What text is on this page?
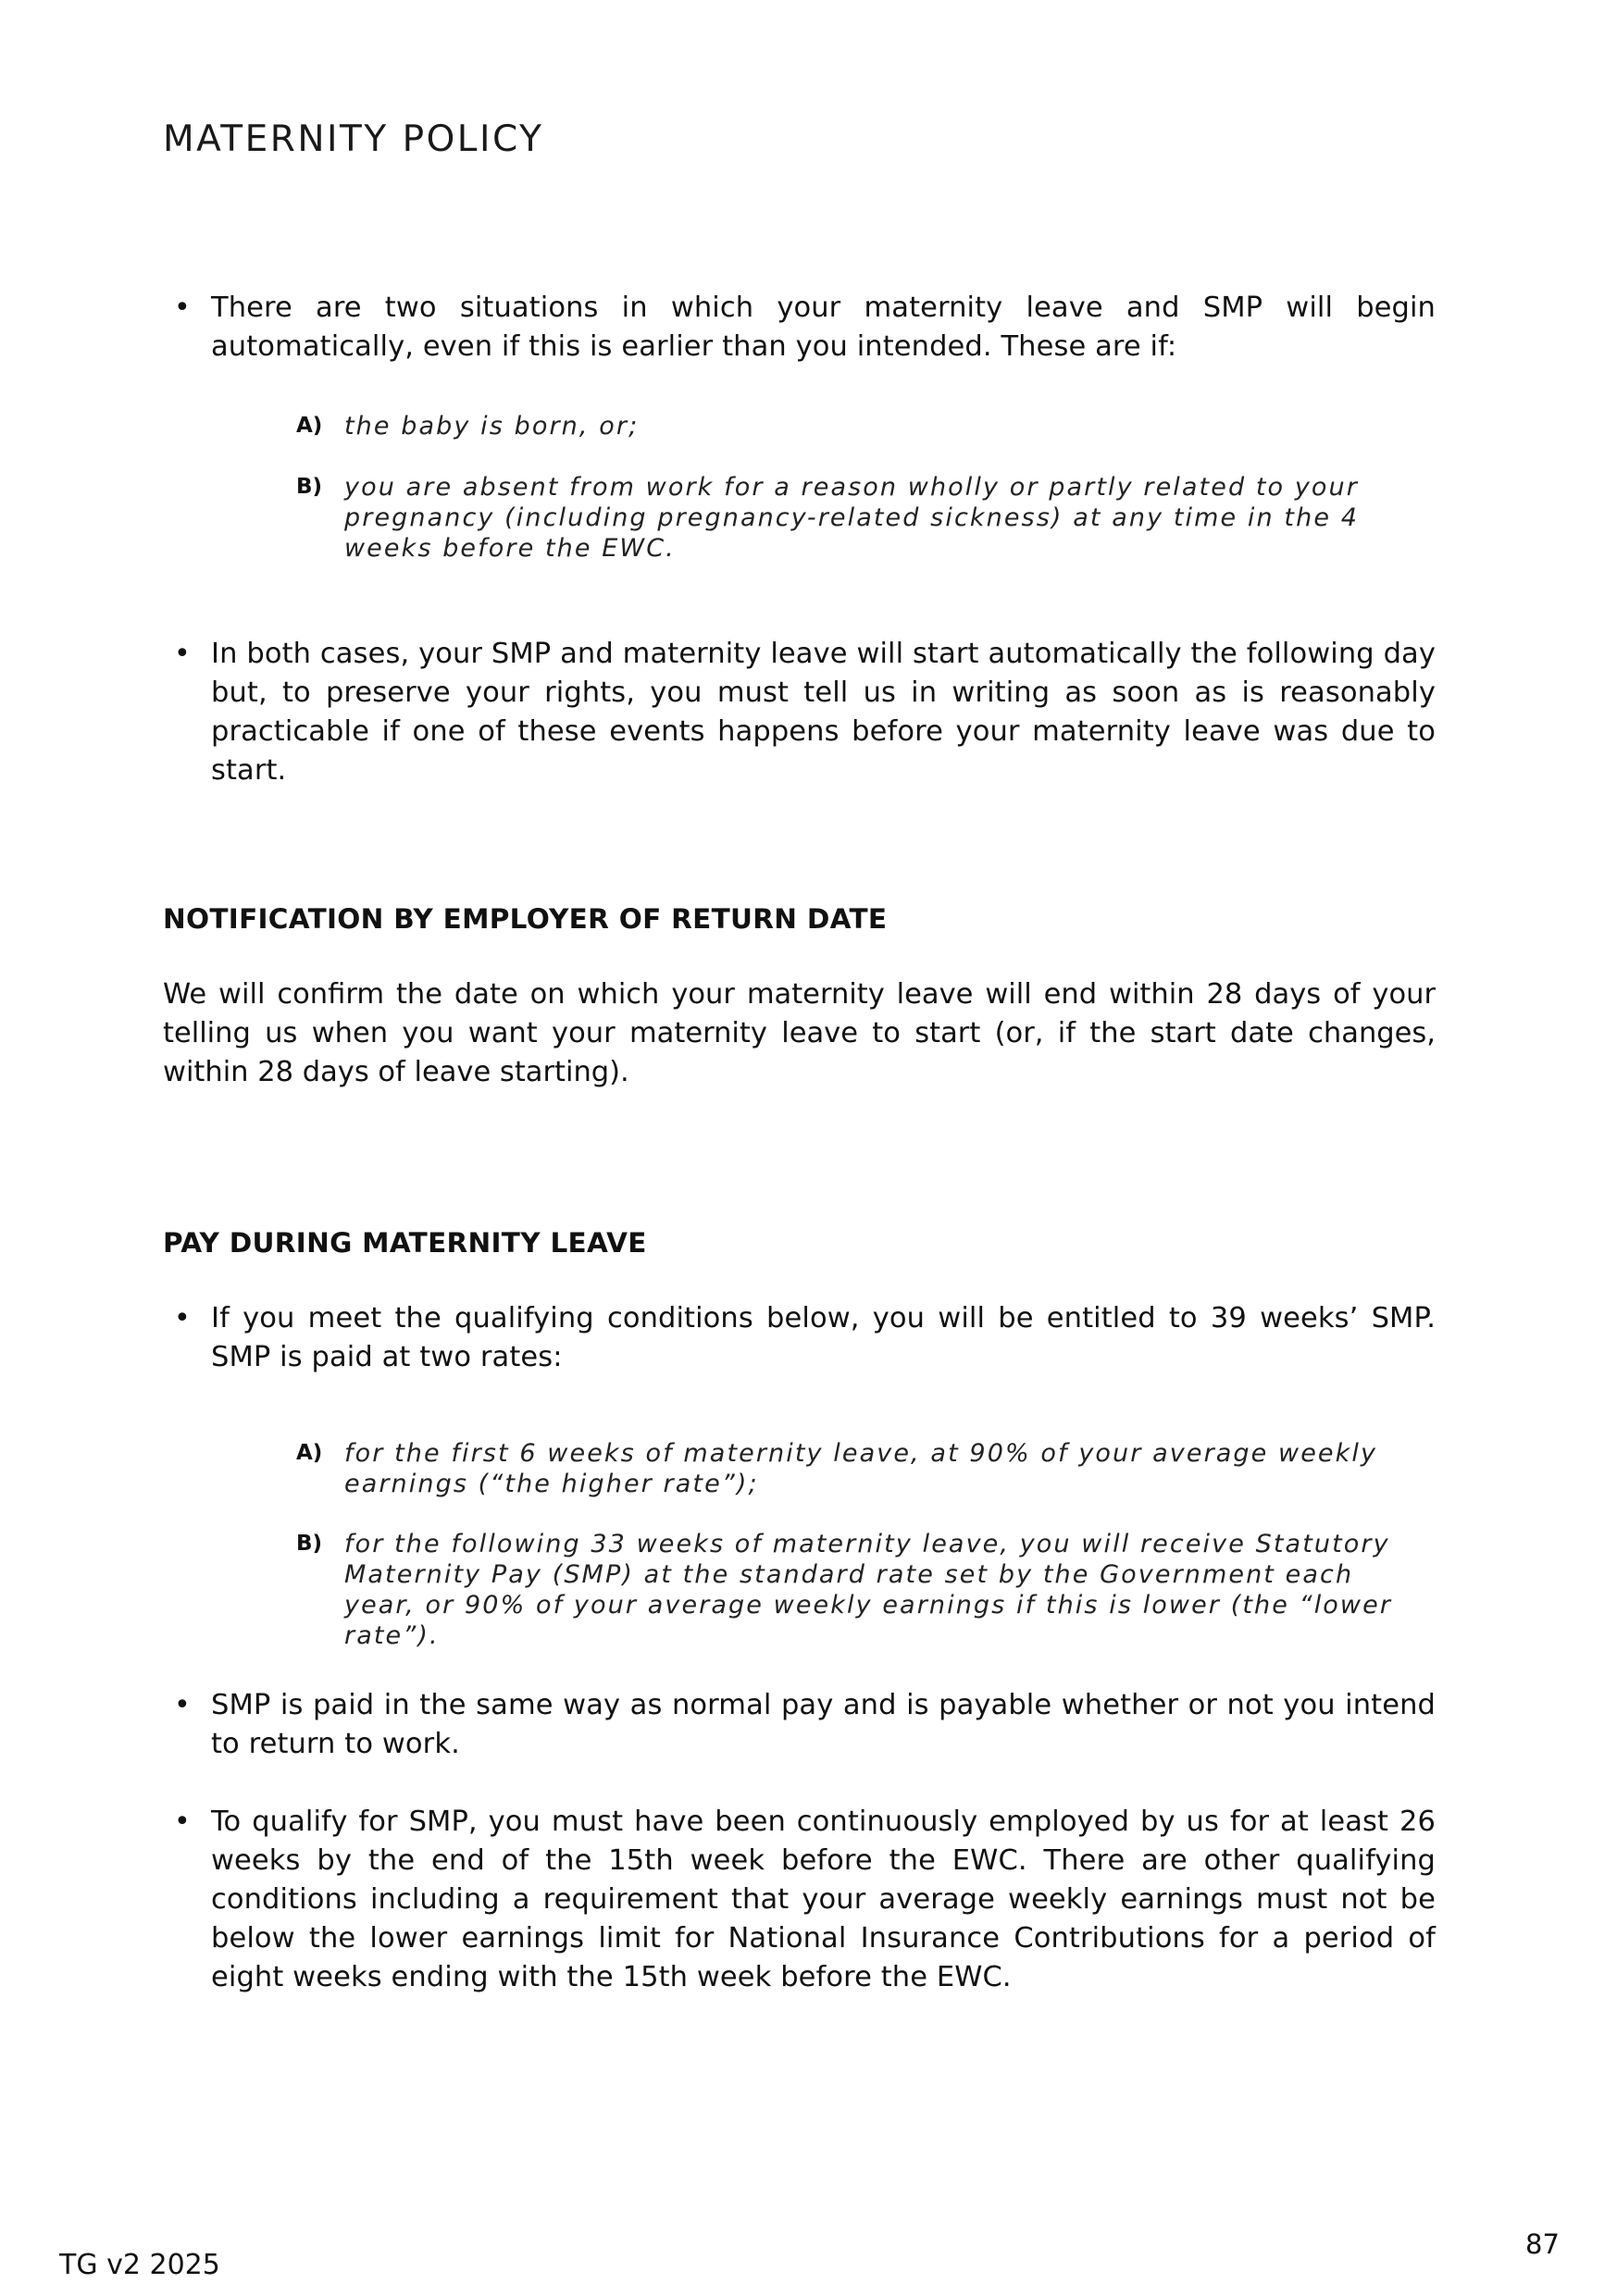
MATERNITY POLICY
• There are two situations in which your maternity leave and SMP will begin automatically, even if this is earlier than you intended. These are if:
A) the baby is born, or;
B) you are absent from work for a reason wholly or partly related to your pregnancy (including pregnancy-related sickness) at any time in the 4 weeks before the EWC.
• In both cases, your SMP and maternity leave will start automatically the following day but, to preserve your rights, you must tell us in writing as soon as is reasonably practicable if one of these events happens before your maternity leave was due to start.
NOTIFICATION BY EMPLOYER OF RETURN DATE
We will confirm the date on which your maternity leave will end within 28 days of your telling us when you want your maternity leave to start (or, if the start date changes, within 28 days of leave starting).
PAY DURING MATERNITY LEAVE
• If you meet the qualifying conditions below, you will be entitled to 39 weeks’ SMP. SMP is paid at two rates:
A) for the first 6 weeks of maternity leave, at 90% of your average weekly earnings (“the higher rate”);
B) for the following 33 weeks of maternity leave, you will receive Statutory Maternity Pay (SMP) at the standard rate set by the Government each year, or 90% of your average weekly earnings if this is lower (the “lower rate”).
• SMP is paid in the same way as normal pay and is payable whether or not you intend to return to work.
• To qualify for SMP, you must have been continuously employed by us for at least 26 weeks by the end of the 15th week before the EWC. There are other qualifying conditions including a requirement that your average weekly earnings must not be below the lower earnings limit for National Insurance Contributions for a period of eight weeks ending with the 15th week before the EWC.
TG v2 2025
87
